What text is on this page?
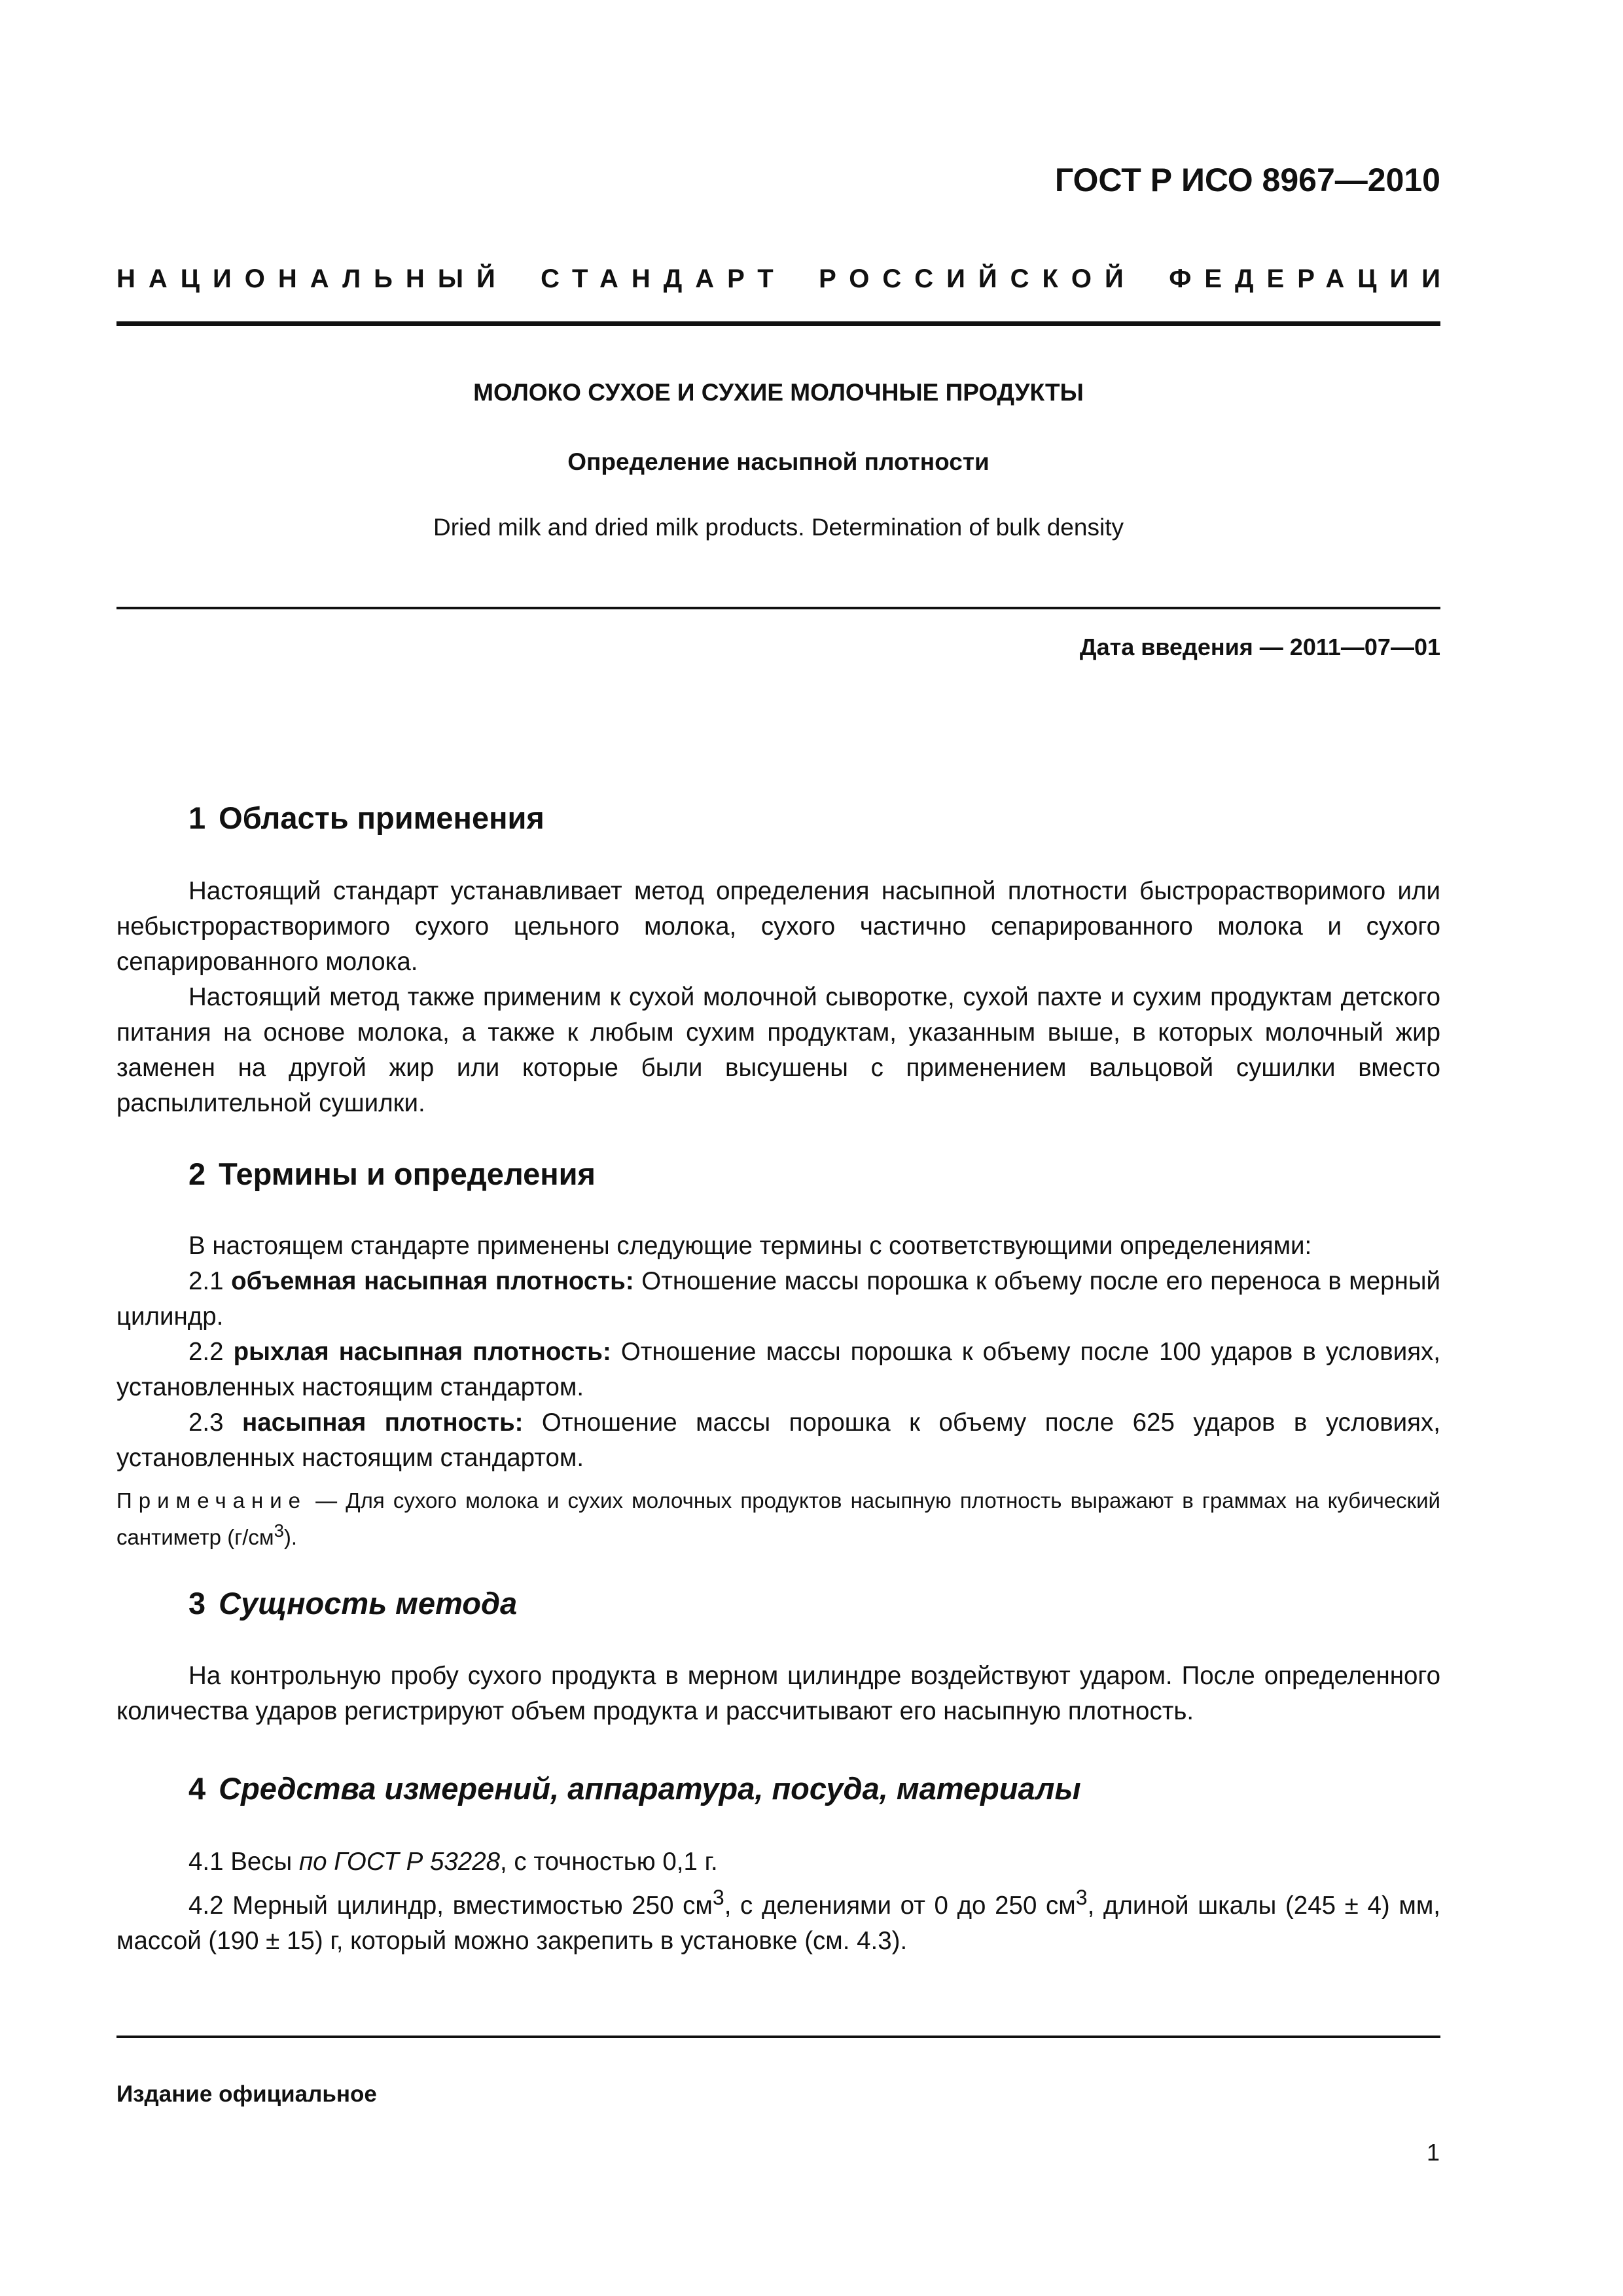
ГОСТ Р ИСО 8967—2010
НАЦИОНАЛЬНЫЙ СТАНДАРТ РОССИЙСКОЙ ФЕДЕРАЦИИ
МОЛОКО СУХОЕ И СУХИЕ МОЛОЧНЫЕ ПРОДУКТЫ
Определение насыпной плотности
Dried milk and dried milk products. Determination of bulk density
Дата введения — 2011—07—01
1 Область применения

Настоящий стандарт устанавливает метод определения насыпной плотности быстрорастворимого или небыстрорастворимого сухого цельного молока, сухого частично сепарированного молока и сухого сепарированного молока.

Настоящий метод также применим к сухой молочной сыворотке, сухой пахте и сухим продуктам детского питания на основе молока, а также к любым сухим продуктам, указанным выше, в которых молочный жир заменен на другой жир или которые были высушены с применением вальцовой сушилки вместо распылительной сушилки.

2 Термины и определения

В настоящем стандарте применены следующие термины с соответствующими определениями:

2.1 объемная насыпная плотность: Отношение массы порошка к объему после его переноса в мерный цилиндр.

2.2 рыхлая насыпная плотность: Отношение массы порошка к объему после 100 ударов в условиях, установленных настоящим стандартом.

2.3 насыпная плотность: Отношение массы порошка к объему после 625 ударов в условиях, установленных настоящим стандартом.

Примечание — Для сухого молока и сухих молочных продуктов насыпную плотность выражают в граммах на кубический сантиметр $(г/см^3)$.
3 Сущность метода

На контрольную пробу сухого продукта в мерном цилиндре воздействуют ударом. После определенного количества ударов регистрируют объем продукта и рассчитывают его насыпную плотность.

4 Средства измерений, аппаратура, посуда, материалы

4.1 Весы по ГОСТ Р 53228, с точностью 0,1 г.

4.2 Мерный цилиндр, вместимостью 250 $см^3$, с делениями от 0 до 250 $см^3$, длиной шкалы (245 ± 4) мм, массой (190 ± 15) г, который можно закрепить в установке (см. 4.3).

Издание официальное
1
